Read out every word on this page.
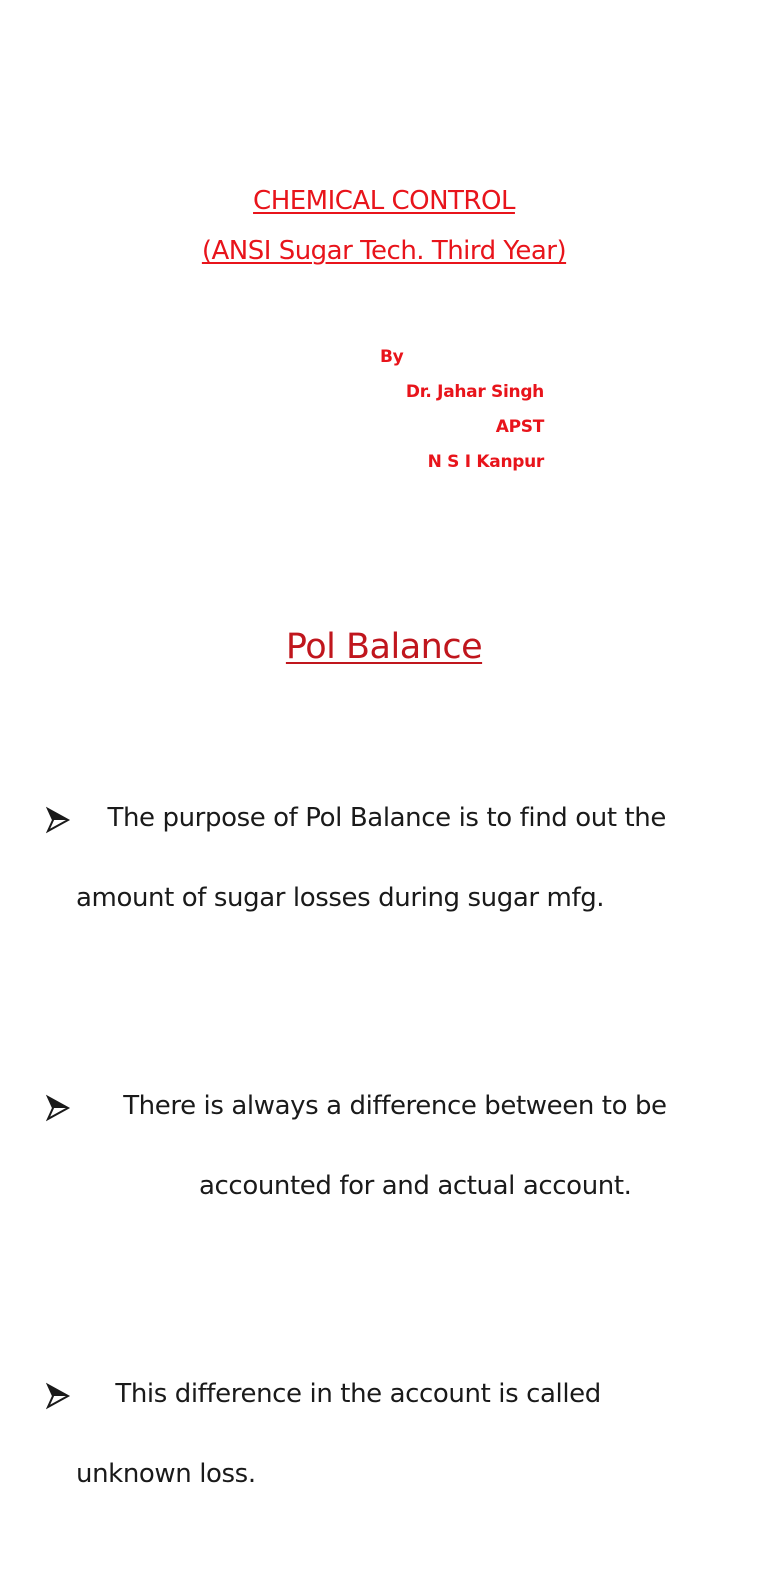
CHEMICAL CONTROL
(ANSI Sugar Tech. Third Year)
By
Dr. Jahar Singh
APST
N S I Kanpur
Pol Balance

The purpose of Pol Balance is to find out the

amount of sugar losses during sugar mfg.

There is always a difference between to be

accounted for and actual account.

This difference in the account is called

unknown loss.
